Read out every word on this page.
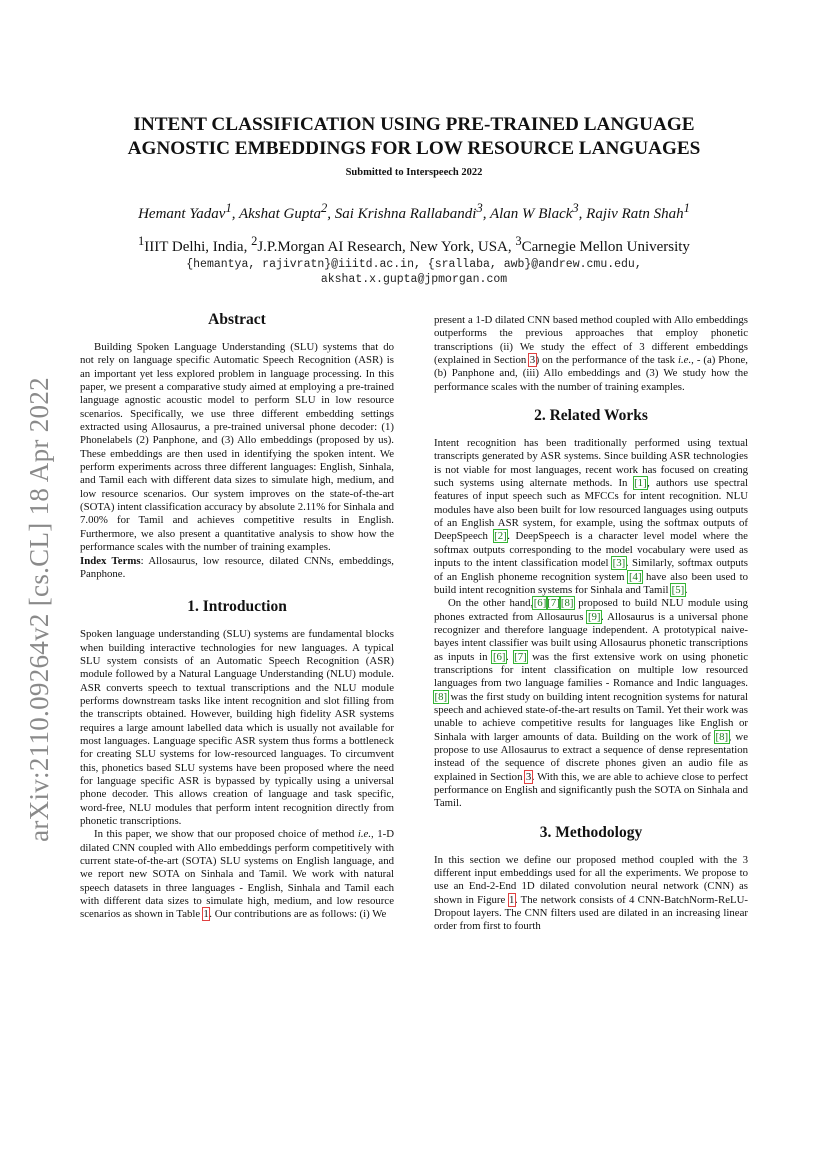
arXiv:2110.09264v2 [cs.CL] 18 Apr 2022
INTENT CLASSIFICATION USING PRE-TRAINED LANGUAGE
AGNOSTIC EMBEDDINGS FOR LOW RESOURCE LANGUAGES
Submitted to Interspeech 2022
Hemant Yadav$^1$, Akshat Gupta$^2$, Sai Krishna Rallabandi$^3$, Alan W Black$^3$, Rajiv Ratn Shah$^1$
$^1$IIIT Delhi, India, $^2$J.P.Morgan AI Research, New York, USA, $^3$Carnegie Mellon University
{hemantya, rajivratn}@iiitd.ac.in, {srallaba, awb}@andrew.cmu.edu,
akshat.x.gupta@jpmorgan.com
Abstract

Building Spoken Language Understanding (SLU) systems that do not rely on language specific Automatic Speech Recognition (ASR) is an important yet less explored problem in language processing. In this paper, we present a comparative study aimed at employing a pre-trained language agnostic acoustic model to perform SLU in low resource scenarios. Specifically, we use three different embedding settings extracted using Allosaurus, a pre-trained universal phone decoder: (1) Phonelabels (2) Panphone, and (3) Allo embeddings (proposed by us). These embeddings are then used in identifying the spoken intent. We perform experiments across three different languages: English, Sinhala, and Tamil each with different data sizes to simulate high, medium, and low resource scenarios. Our system improves on the state-of-the-art (SOTA) intent classification accuracy by absolute 2.11% for Sinhala and 7.00% for Tamil and achieves competitive results in English. Furthermore, we also present a quantitative analysis to show how the performance scales with the number of training examples.

Index Terms: Allosaurus, low resource, dilated CNNs, embeddings, Panphone.

1. Introduction

Spoken language understanding (SLU) systems are fundamental blocks when building interactive technologies for new languages. A typical SLU system consists of an Automatic Speech Recognition (ASR) module followed by a Natural Language Understanding (NLU) module. ASR converts speech to textual transcriptions and the NLU module performs downstream tasks like intent recognition and slot filling from the transcripts obtained. However, building high fidelity ASR systems requires a large amount labelled data which is usually not available for most languages. Language specific ASR system thus forms a bottleneck for creating SLU systems for low-resourced languages. To circumvent this, phonetics based SLU systems have been proposed where the need for language specific ASR is bypassed by typically using a universal phone decoder. This allows creation of language and task specific, word-free, NLU modules that perform intent recognition directly from phonetic transcriptions.

In this paper, we show that our proposed choice of method i.e., 1-D dilated CNN coupled with Allo embeddings perform competitively with current state-of-the-art (SOTA) SLU systems on English language, and we report new SOTA on Sinhala and Tamil. We work with natural speech datasets in three languages - English, Sinhala and Tamil each with different data sizes to simulate high, medium, and low resource scenarios as shown in Table 1. Our contributions are as follows: (i) We

present a 1-D dilated CNN based method coupled with Allo embeddings outperforms the previous approaches that employ phonetic transcriptions (ii) We study the effect of 3 different embeddings (explained in Section 3) on the performance of the task i.e., - (a) Phone, (b) Panphone and, (iii) Allo embeddings and (3) We study how the performance scales with the number of training examples.

2. Related Works

Intent recognition has been traditionally performed using textual transcripts generated by ASR systems. Since building ASR technologies is not viable for most languages, recent work has focused on creating such systems using alternate methods. In [1], authors use spectral features of input speech such as MFCCs for intent recognition. NLU modules have also been built for low resourced languages using outputs of an English ASR system, for example, using the softmax outputs of DeepSpeech [2]. DeepSpeech is a character level model where the softmax outputs corresponding to the model vocabulary were used as inputs to the intent classification model [3]. Similarly, softmax outputs of an English phoneme recognition system [4] have also been used to build intent recognition systems for Sinhala and Tamil [5].

On the other hand,[6][7][8] proposed to build NLU module using phones extracted from Allosaurus [9]. Allosaurus is a universal phone recognizer and therefore language independent. A prototypical naive-bayes intent classifier was built using Allosaurus phonetic transcriptions as inputs in [6]. [7] was the first extensive work on using phonetic transcriptions for intent classification on multiple low resourced languages from two language families - Romance and Indic languages. [8] was the first study on building intent recognition systems for natural speech and achieved state-of-the-art results on Tamil. Yet their work was unable to achieve competitive results for languages like English or Sinhala with larger amounts of data. Building on the work of [8], we propose to use Allosaurus to extract a sequence of dense representation instead of the sequence of discrete phones given an audio file as explained in Section 3. With this, we are able to achieve close to perfect performance on English and significantly push the SOTA on Sinhala and Tamil.

3. Methodology

In this section we define our proposed method coupled with the 3 different input embeddings used for all the experiments. We propose to use an End-2-End 1D dilated convolution neural network (CNN) as shown in Figure 1. The network consists of 4 CNN-BatchNorm-ReLU-Dropout layers. The CNN filters used are dilated in an increasing linear order from first to fourth
